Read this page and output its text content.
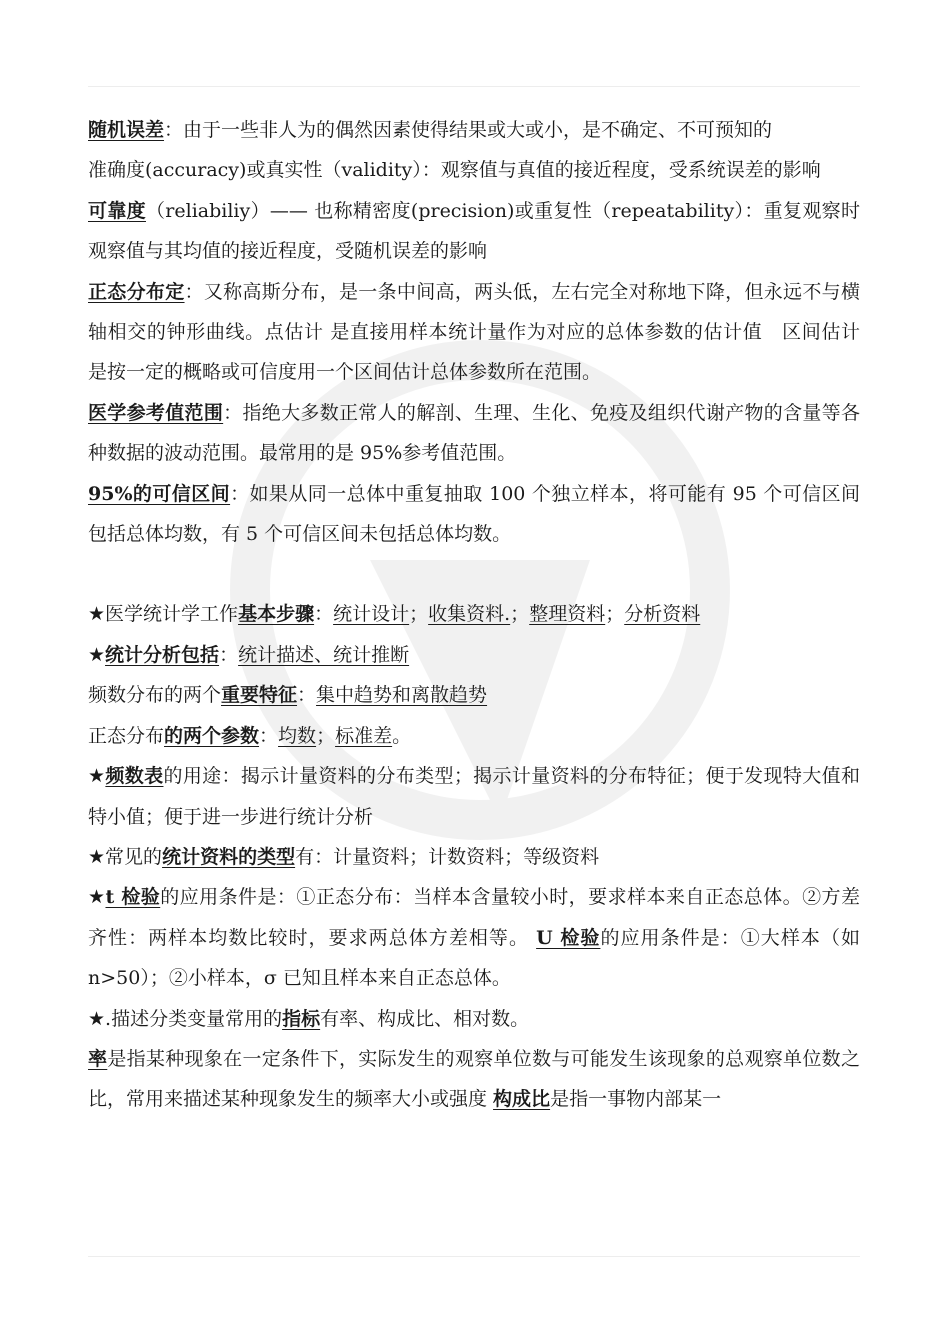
随机误差：由于一些非人为的偶然因素使得结果或大或小，是不确定、不可预知的

准确度(accuracy)或真实性（validity）：观察值与真值的接近程度，受系统误差的影响

可靠度（reliabiliy）—— 也称精密度(precision)或重复性（repeatability）：重复观察时观察值与其均值的接近程度，受随机误差的影响

正态分布定：又称高斯分布，是一条中间高，两头低，左右完全对称地下降，但永远不与横轴相交的钟形曲线。点估计 是直接用样本统计量作为对应的总体参数的估计值　区间估计 是按一定的概略或可信度用一个区间估计总体参数所在范围。

医学参考值范围：指绝大多数正常人的解剖、生理、生化、免疫及组织代谢产物的含量等各种数据的波动范围。最常用的是 95%参考值范围。

95%的可信区间：如果从同一总体中重复抽取 100 个独立样本，将可能有 95 个可信区间包括总体均数，有 5 个可信区间未包括总体均数。

★医学统计学工作基本步骤：统计设计；收集资料.；整理资料；分析资料

★统计分析包括：统计描述、统计推断

频数分布的两个重要特征：集中趋势和离散趋势

正态分布的两个参数：均数；标准差。

★频数表的用途：揭示计量资料的分布类型；揭示计量资料的分布特征；便于发现特大值和特小值；便于进一步进行统计分析

★常见的统计资料的类型有：计量资料；计数资料；等级资料

★t 检验的应用条件是：①正态分布：当样本含量较小时，要求样本来自正态总体。②方差齐性：两样本均数比较时，要求两总体方差相等。 U 检验的应用条件是：①大样本（如 n>50）；②小样本，σ 已知且样本来自正态总体。

★.描述分类变量常用的指标有率、构成比、相对数。

率是指某种现象在一定条件下，实际发生的观察单位数与可能发生该现象的总观察单位数之比，常用来描述某种现象发生的频率大小或强度 构成比是指一事物内部某一
